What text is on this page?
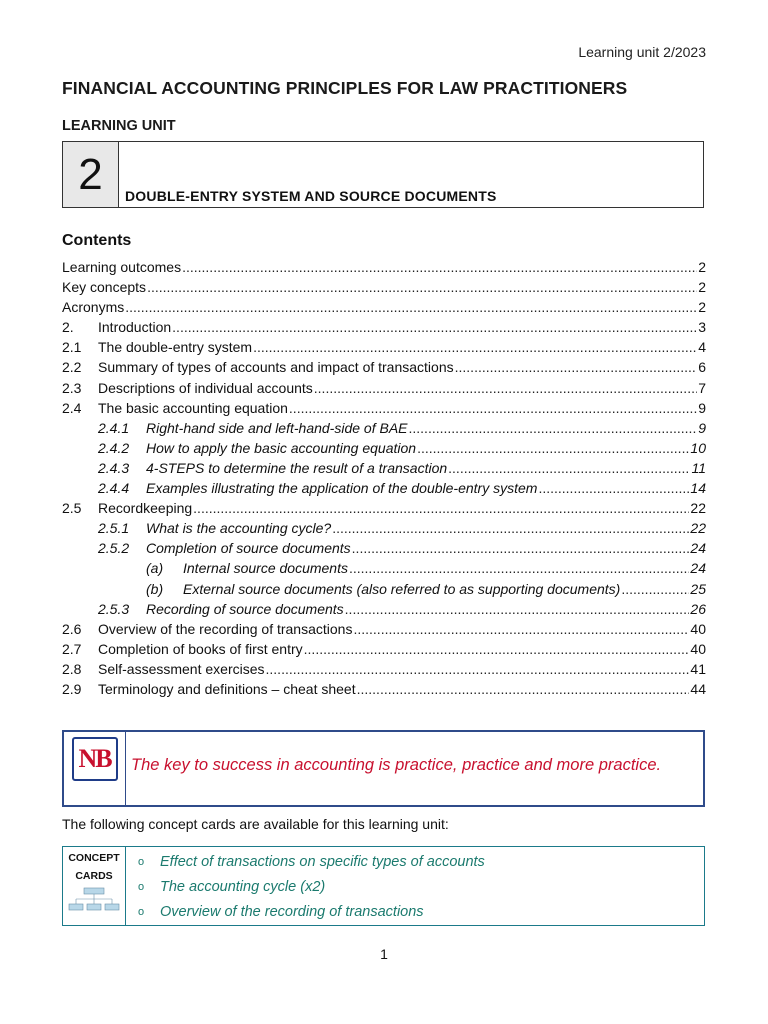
Learning unit 2/2023
FINANCIAL ACCOUNTING PRINCIPLES FOR LAW PRACTITIONERS
LEARNING UNIT
2	DOUBLE-ENTRY SYSTEM AND SOURCE DOCUMENTS
Contents
Learning outcomes .....	2
Key concepts .....	2
Acronyms .....	2
2.	Introduction .....	3
2.1	The double-entry system .....	4
2.2	Summary of types of accounts and impact of transactions .....	6
2.3	Descriptions of individual accounts .....	7
2.4	The basic accounting equation .....	9
2.4.1	Right-hand side and left-hand-side of BAE .....	9
2.4.2	How to apply the basic accounting equation .....	10
2.4.3	4-STEPS to determine the result of a transaction .....	11
2.4.4	Examples illustrating the application of the double-entry system .....	14
2.5	Recordkeeping .....	22
2.5.1	What is the accounting cycle? .....	22
2.5.2	Completion of source documents .....	24
(a)	Internal source documents .....	24
(b)	External source documents (also referred to as supporting documents) .....	25
2.5.3	Recording of source documents .....	26
2.6	Overview of the recording of transactions .....	40
2.7	Completion of books of first entry .....	40
2.8	Self-assessment exercises .....	41
2.9	Terminology and definitions – cheat sheet .....	44
NB	The key to success in accounting is practice, practice and more practice.
The following concept cards are available for this learning unit:
CONCEPT
CARDS
o Effect of transactions on specific types of accounts
o The accounting cycle (x2)
o Overview of the recording of transactions
1
